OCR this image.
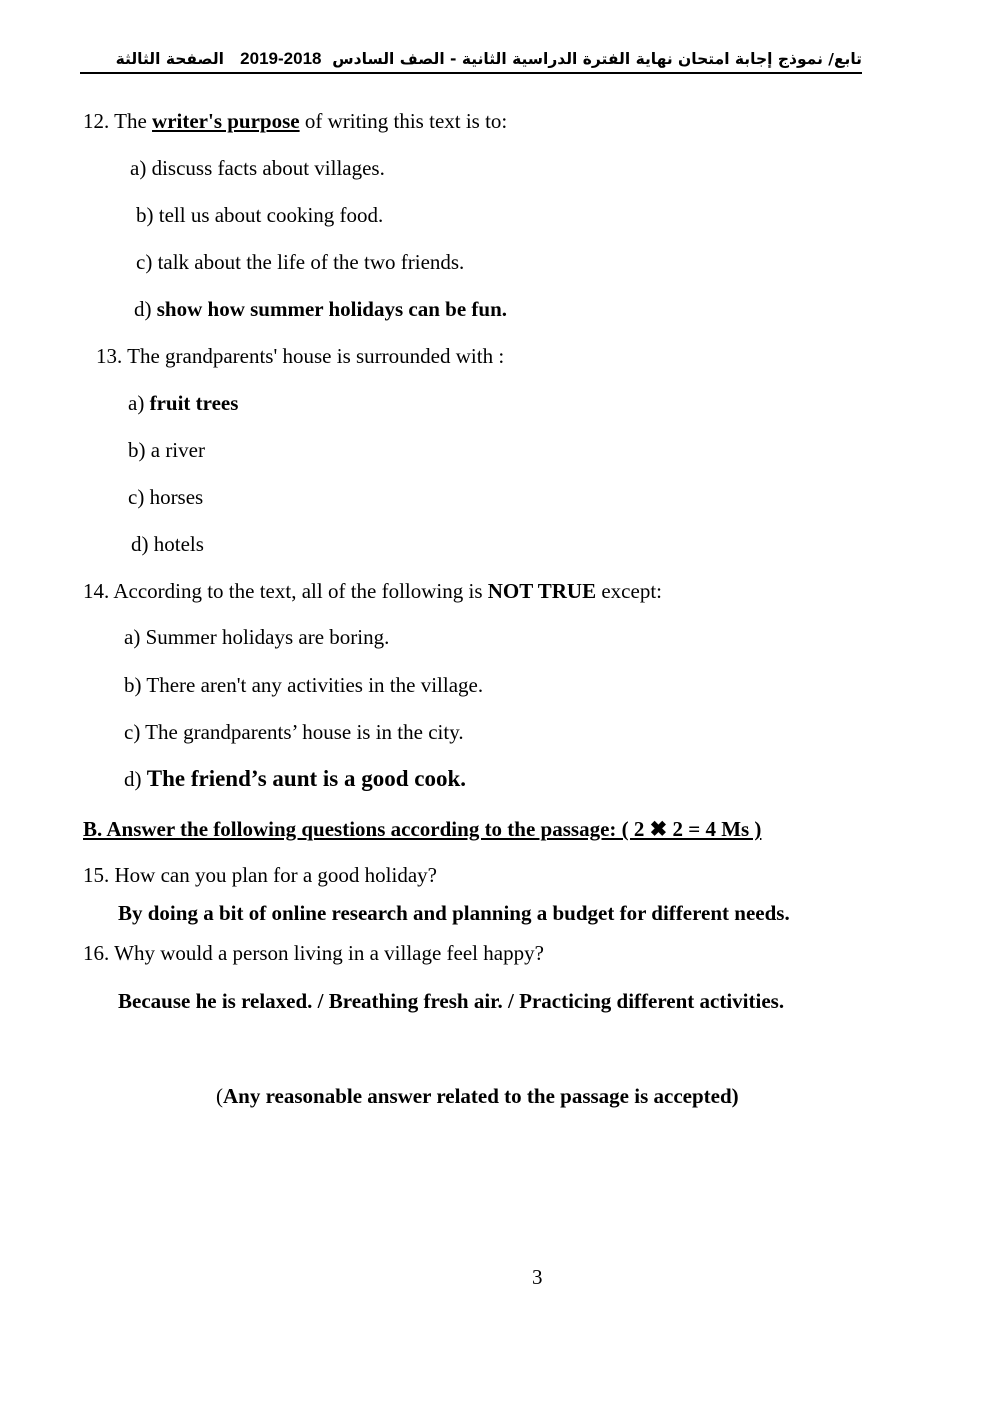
تابع/ نموذج إجابة امتحان نهاية الفترة الدراسية الثانية - الصف السادس  2018-2019   الصفحة الثالثة
12. The writer's purpose of writing this text is to:
a) discuss facts about villages.
b) tell us about cooking food.
c) talk about the life of the two friends.
d) show how summer holidays can be fun.
13. The grandparents' house is surrounded with :
a) fruit trees
b) a river
c) horses
d) hotels
14. According to the text, all of the following is NOT TRUE except:
a) Summer holidays are boring.
b) There aren't any activities in the village.
c) The grandparents’ house is in the city.
d) The friend’s aunt is a good cook.
B. Answer the following questions according to the passage: ( 2 ✖ 2 = 4 Ms )
15. How can you plan for a good holiday?
By doing a bit of online research and planning a budget for different needs.
16. Why would a person living in a village feel happy?
Because he is relaxed. / Breathing fresh air. / Practicing different activities.
(Any reasonable answer related to the passage is accepted)
3
